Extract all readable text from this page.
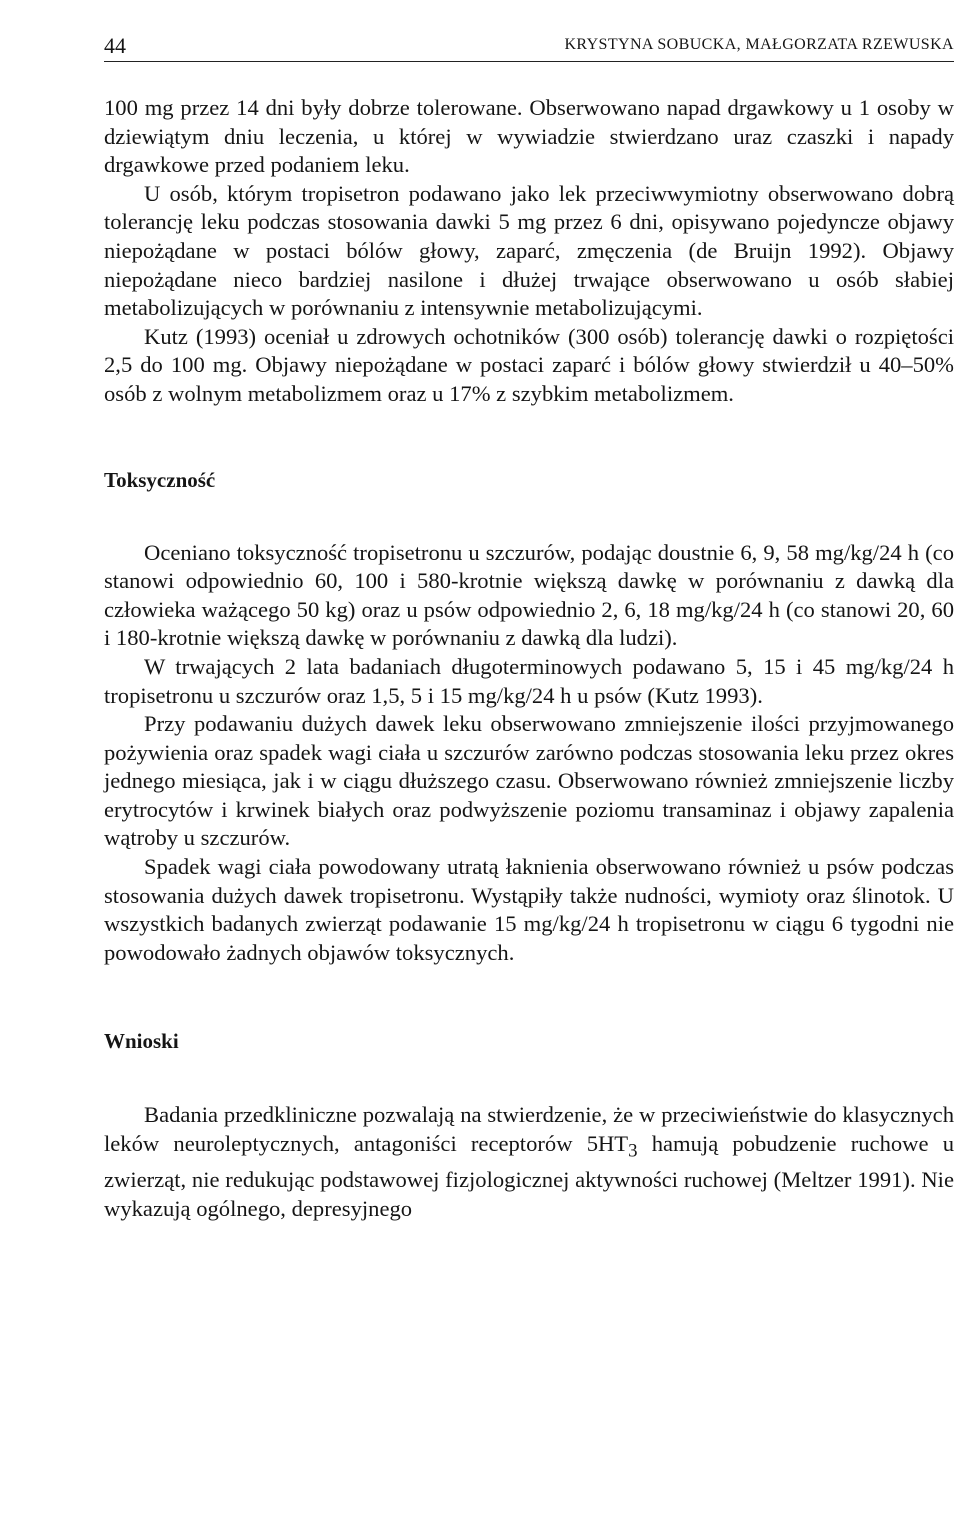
44	KRYSTYNA SOBUCKA, MAŁGORZATA RZEWUSKA

100 mg przez 14 dni były dobrze tolerowane. Obserwowano napad drgawkowy u 1 osoby w dziewiątym dniu leczenia, u której w wywiadzie stwierdzano uraz czaszki i napady drgawkowe przed podaniem leku.

U osób, którym tropisetron podawano jako lek przeciwwymiotny obserwowano dobrą tolerancję leku podczas stosowania dawki 5 mg przez 6 dni, opisywano pojedyncze objawy niepożądane w postaci bólów głowy, zaparć, zmęczenia (de Bruijn 1992). Objawy niepożądane nieco bardziej nasilone i dłużej trwające obserwowano u osób słabiej metabolizujących w porównaniu z intensywnie metabolizującymi.

Kutz (1993) oceniał u zdrowych ochotników (300 osób) tolerancję dawki o rozpiętości 2,5 do 100 mg. Objawy niepożądane w postaci zaparć i bólów głowy stwierdził u 40–50% osób z wolnym metabolizmem oraz u 17% z szybkim metabolizmem.

Toksyczność

Oceniano toksyczność tropisetronu u szczurów, podając doustnie 6, 9, 58 mg/kg/24 h (co stanowi odpowiednio 60, 100 i 580-krotnie większą dawkę w porównaniu z dawką dla człowieka ważącego 50 kg) oraz u psów odpowiednio 2, 6, 18 mg/kg/24 h (co stanowi 20, 60 i 180-krotnie większą dawkę w porównaniu z dawką dla ludzi).

W trwających 2 lata badaniach długoterminowych podawano 5, 15 i 45 mg/kg/24 h tropisetronu u szczurów oraz 1,5, 5 i 15 mg/kg/24 h u psów (Kutz 1993).

Przy podawaniu dużych dawek leku obserwowano zmniejszenie ilości przyjmowanego pożywienia oraz spadek wagi ciała u szczurów zarówno podczas stosowania leku przez okres jednego miesiąca, jak i w ciągu dłuższego czasu. Obserwowano również zmniejszenie liczby erytrocytów i krwinek białych oraz podwyższenie poziomu transaminaz i objawy zapalenia wątroby u szczurów.

Spadek wagi ciała powodowany utratą łaknienia obserwowano również u psów podczas stosowania dużych dawek tropisetronu. Wystąpiły także nudności, wymioty oraz ślinotok. U wszystkich badanych zwierząt podawanie 15 mg/kg/24 h tropisetronu w ciągu 6 tygodni nie powodowało żadnych objawów toksycznych.

Wnioski

Badania przedkliniczne pozwalają na stwierdzenie, że w przeciwieństwie do klasycznych leków neuroleptycznych, antagoniści receptorów $5HT_3$ hamują pobudzenie ruchowe u zwierząt, nie redukując podstawowej fizjologicznej aktywności ruchowej (Meltzer 1991). Nie wykazują ogólnego, depresyjnego
